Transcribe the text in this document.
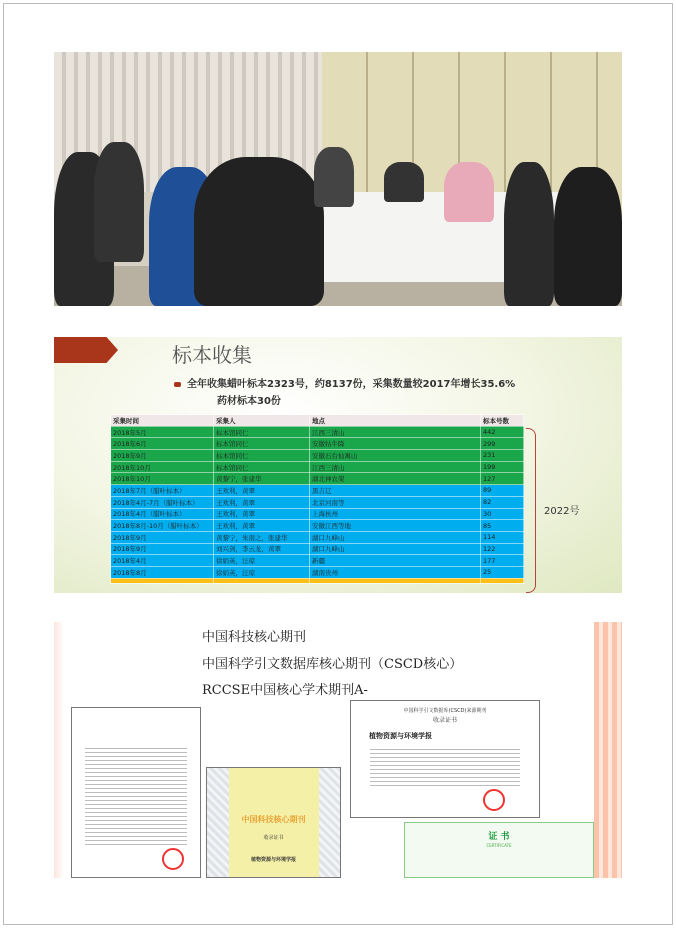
标本收集
全年收集蜡叶标本2323号，约8137份，采集数量较2017年增长35.6%
药材标本30份
采集时间	采集人	地点	标本号数
2018年5月	标本馆同仁	江西三清山	442
2018年6月	标本馆同仁	安徽牯牛降	299
2018年9月	标本馆同仁	安徽石台仙寓山	231
2018年10月	标本馆同仁	江西三清山	199
2018年10月	黄黎宁，张建华	湖北神农架	127
2018年7月（腊叶标本）	王欢利，黄翠	黑吉辽	89
2018年4月-7月（腊叶标本）	王欢利，黄翠	北京河南等	82
2018年4月（腊叶标本）	王欢利，黄翠	上海杭州	30
2018年8月-10月（腊叶标本）	王欢利，黄翠	安徽江西等地	85
2018年9月	黄黎宁，朱南之，张建华	湖口九峰山	114
2018年9月	刘兴剑，李云龙，黄翠	湖口九峰山	122
2018年4月	徐娟英，汪琼	新疆	177
2018年8月	徐娟英，汪琼	湖南贵州	25

2022号
中国科技核心期刊
中国科学引文数据库核心期刊（CSCD核心）
RCCSE中国核心学术期刊A-
中国科技核心期刊
收录证书
植物资源与环境学报
中国科学引文数据库(CSCD)来源期刊
收录证书
植物资源与环境学报
证 书
CERTIFICATE
